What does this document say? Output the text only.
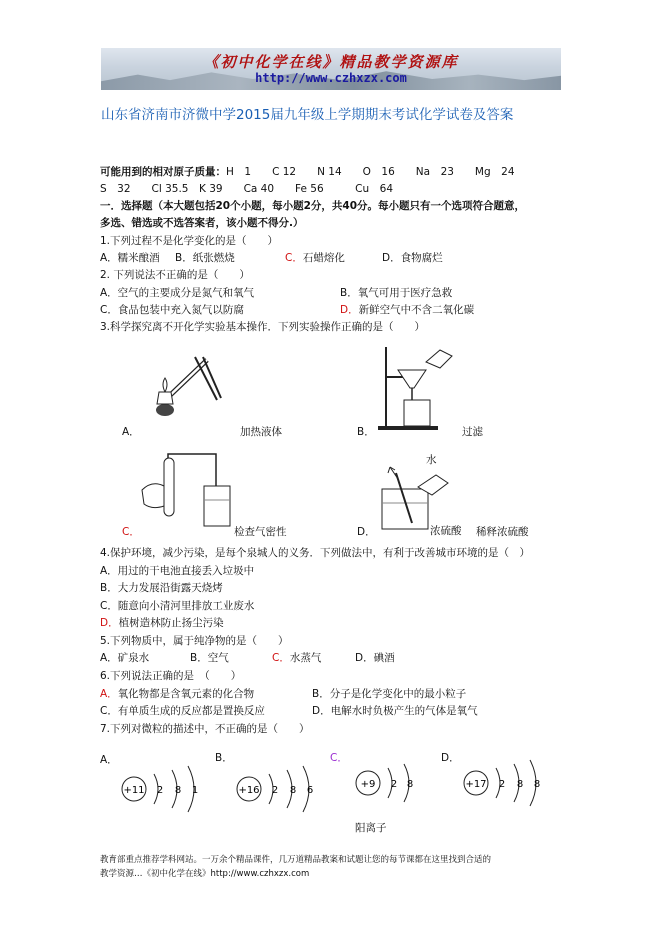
《初中化学在线》精品教学资源库
http://www.czhxzx.com
山东省济南市济微中学2015届九年级上学期期末考试化学试卷及答案
可能用到的相对原子质量：H　1　　C 12　　N 14　　O　16　　Na　23　　Mg　24
S　32　　Cl 35.5　K 39　　Ca 40　　Fe 56　　　Cu　64
一．选择题（本大题包括20个小题，每小题2分，共40分。每小题只有一个选项符合题意，
多选、错选或不选答案者，该小题不得分.）
1.下列过程不是化学变化的是（　　）
A．糯米酿酒 B．纸张燃烧	C．石蜡熔化	D．食物腐烂
2. 下列说法不正确的是（　　）
A．空气的主要成分是氮气和氧气	B．氧气可用于医疗急救
C．食品包装中充入氮气以防腐	D．新鲜空气中不含二氧化碳
3.科学探究离不开化学实验基本操作．下列实验操作正确的是（　　）
A．	加热液体	B．	过滤
C．	检查气密性
水
浓硫酸
D．	稀释浓硫酸
4.保护环境，减少污染，是每个泉城人的义务．下列做法中，有利于改善城市环境的是（　）
A．用过的干电池直接丢入垃圾中
B．大力发展沿街露天烧烤
C．随意向小清河里排放工业废水
D．植树造林防止扬尘污染
5.下列物质中，属于纯净物的是（　　）
A．矿泉水	B．空气	C．水蒸气	D．碘酒
6.下列说法正确的是　（　　）
A．氧化物都是含氧元素的化合物	B．分子是化学变化中的最小粒子
C．有单质生成的反应都是置换反应	D．电解水时负极产生的气体是氧气
7.下列对微粒的描述中，不正确的是（　　）
A．	B．	C．	D．
+11 2 8 1	+16 2 8 6
+9 2 8	+17 2 8 8
阳离子
教育部重点推荐学科网站。一万余个精品课件，几万道精品教案和试题让您的每节课都在这里找到合适的
教学资源…《初中化学在线》http://www.czhxzx.com
